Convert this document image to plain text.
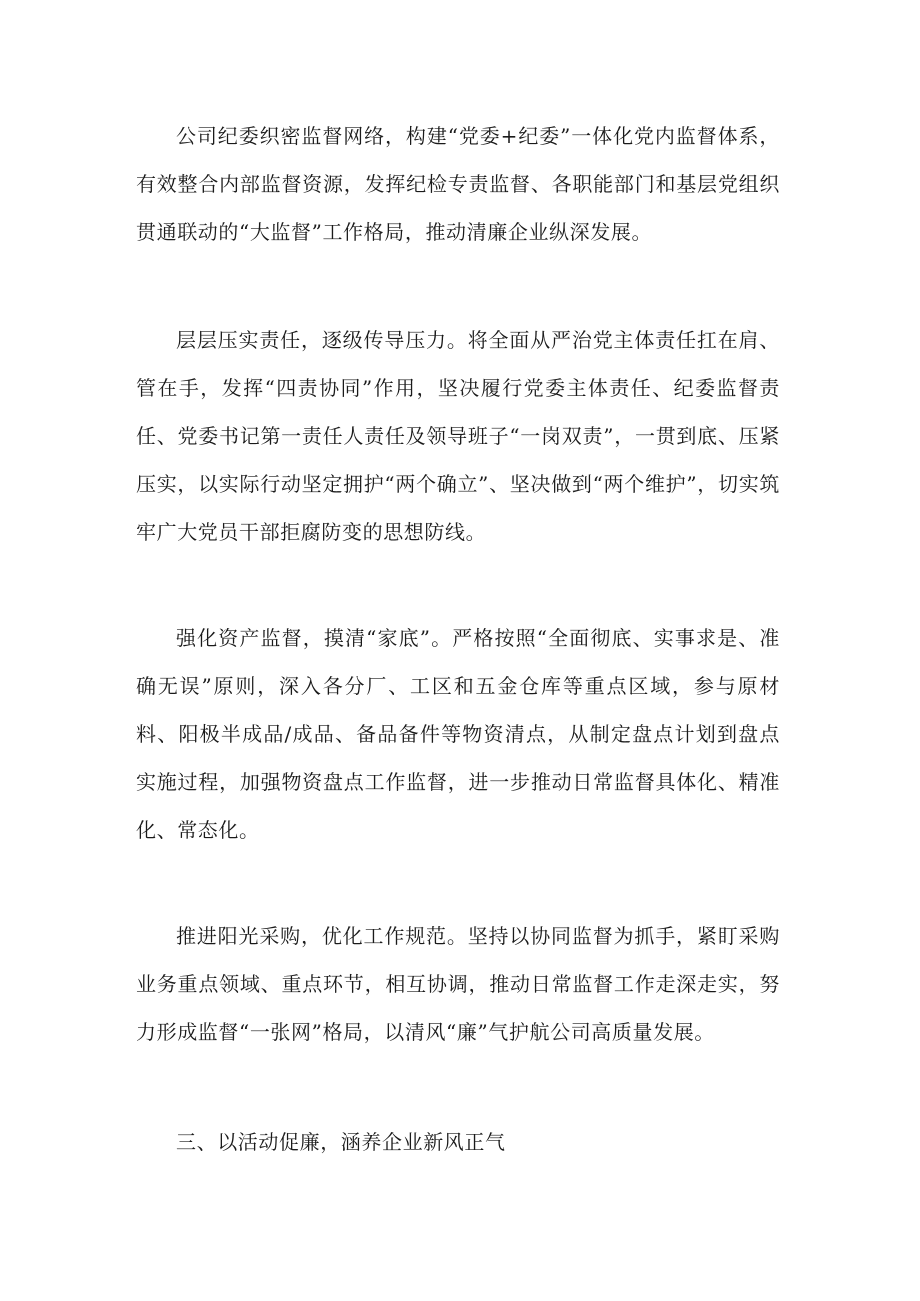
公司纪委织密监督网络，构建“党委+纪委”一体化党内监督体系，有效整合内部监督资源，发挥纪检专责监督、各职能部门和基层党组织贯通联动的“大监督”工作格局，推动清廉企业纵深发展。

层层压实责任，逐级传导压力。将全面从严治党主体责任扛在肩、管在手，发挥“四责协同”作用，坚决履行党委主体责任、纪委监督责任、党委书记第一责任人责任及领导班子“一岗双责”，一贯到底、压紧压实，以实际行动坚定拥护“两个确立”、坚决做到“两个维护”，切实筑牢广大党员干部拒腐防变的思想防线。

强化资产监督，摸清“家底”。严格按照“全面彻底、实事求是、准确无误”原则，深入各分厂、工区和五金仓库等重点区域，参与原材料、阳极半成品/成品、备品备件等物资清点，从制定盘点计划到盘点实施过程，加强物资盘点工作监督，进一步推动日常监督具体化、精准化、常态化。

推进阳光采购，优化工作规范。坚持以协同监督为抓手，紧盯采购业务重点领域、重点环节，相互协调，推动日常监督工作走深走实，努力形成监督“一张网”格局，以清风“廉”气护航公司高质量发展。

三、以活动促廉，涵养企业新风正气
